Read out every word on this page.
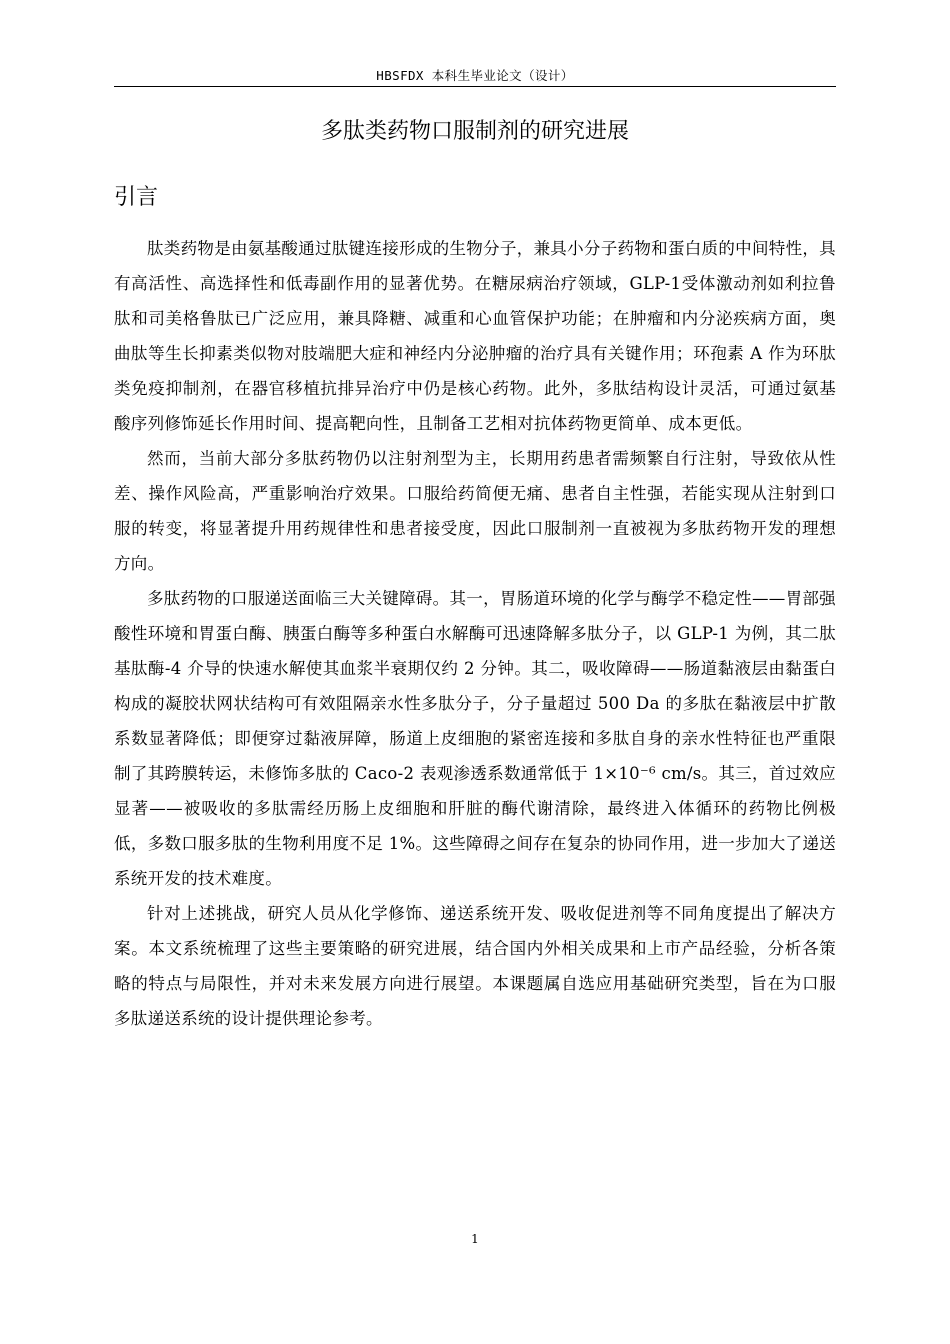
HBSFDX 本科生毕业论文（设计）
多肽类药物口服制剂的研究进展
引言

肽类药物是由氨基酸通过肽键连接形成的生物分子，兼具小分子药物和蛋白质的中间特性，具有高活性、高选择性和低毒副作用的显著优势。在糖尿病治疗领域，GLP-1受体激动剂如利拉鲁肽和司美格鲁肽已广泛应用，兼具降糖、减重和心血管保护功能；在肿瘤和内分泌疾病方面，奥曲肽等生长抑素类似物对肢端肥大症和神经内分泌肿瘤的治疗具有关键作用；环孢素 A 作为环肽类免疫抑制剂，在器官移植抗排异治疗中仍是核心药物。此外，多肽结构设计灵活，可通过氨基酸序列修饰延长作用时间、提高靶向性，且制备工艺相对抗体药物更简单、成本更低。

然而，当前大部分多肽药物仍以注射剂型为主，长期用药患者需频繁自行注射，导致依从性差、操作风险高，严重影响治疗效果。口服给药简便无痛、患者自主性强，若能实现从注射到口服的转变，将显著提升用药规律性和患者接受度，因此口服制剂一直被视为多肽药物开发的理想方向。

多肽药物的口服递送面临三大关键障碍。其一，胃肠道环境的化学与酶学不稳定性——胃部强酸性环境和胃蛋白酶、胰蛋白酶等多种蛋白水解酶可迅速降解多肽分子，以 GLP-1 为例，其二肽基肽酶-4 介导的快速水解使其血浆半衰期仅约 2 分钟。其二，吸收障碍——肠道黏液层由黏蛋白构成的凝胶状网状结构可有效阻隔亲水性多肽分子，分子量超过 500 Da 的多肽在黏液层中扩散系数显著降低；即便穿过黏液屏障，肠道上皮细胞的紧密连接和多肽自身的亲水性特征也严重限制了其跨膜转运，未修饰多肽的 Caco-2 表观渗透系数通常低于 1×10⁻⁶ cm/s。其三，首过效应显著——被吸收的多肽需经历肠上皮细胞和肝脏的酶代谢清除，最终进入体循环的药物比例极低，多数口服多肽的生物利用度不足 1%。这些障碍之间存在复杂的协同作用，进一步加大了递送系统开发的技术难度。

针对上述挑战，研究人员从化学修饰、递送系统开发、吸收促进剂等不同角度提出了解决方案。本文系统梳理了这些主要策略的研究进展，结合国内外相关成果和上市产品经验，分析各策略的特点与局限性，并对未来发展方向进行展望。本课题属自选应用基础研究类型，旨在为口服多肽递送系统的设计提供理论参考。

1
